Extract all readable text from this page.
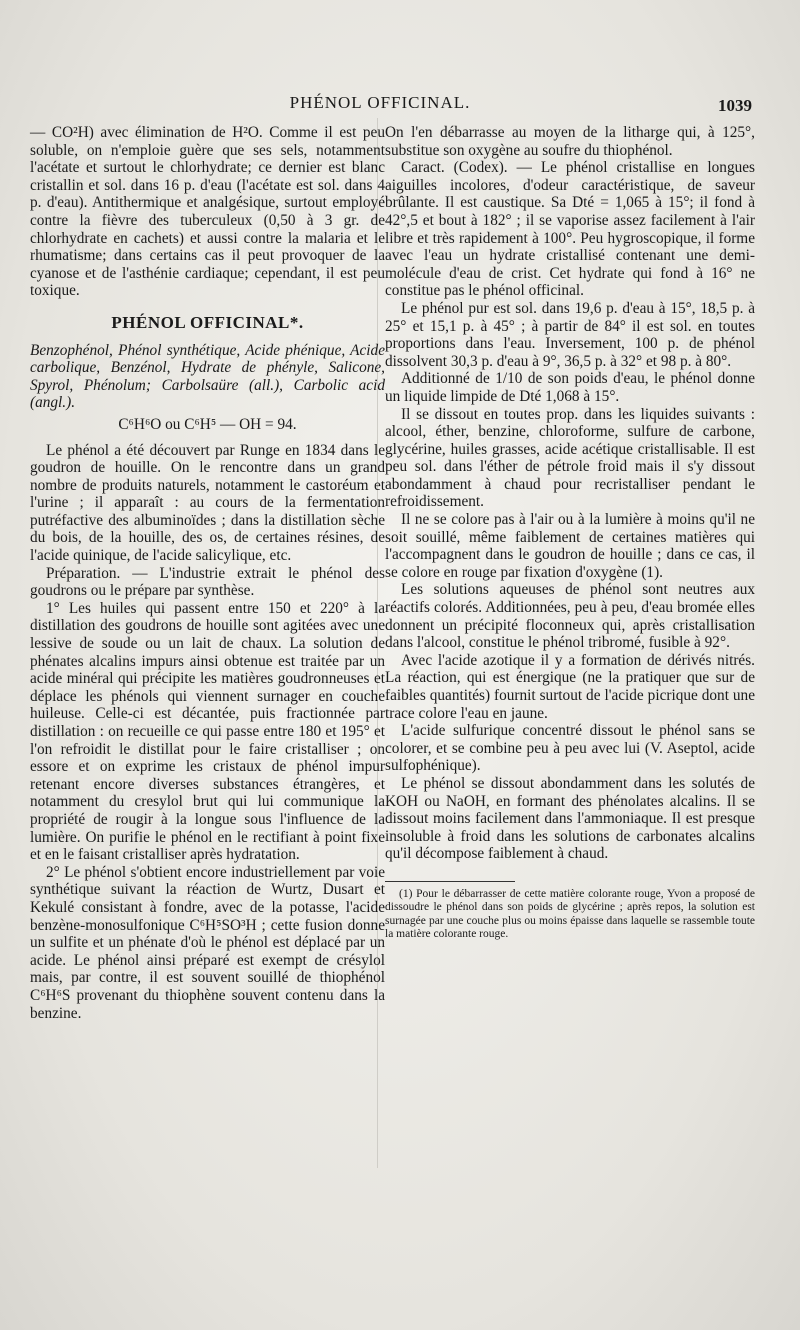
PHÉNOL OFFICINAL.	1039

— CO²H) avec élimination de H²O. Comme il est peu soluble, on n'emploie guère que ses sels, notamment l'acétate et surtout le chlorhydrate; ce dernier est blanc cristallin et sol. dans 16 p. d'eau (l'acétate est sol. dans 4 p. d'eau). Antithermique et analgésique, surtout employé contre la fièvre des tuberculeux (0,50 à 3 gr. de chlorhydrate en cachets) et aussi contre la malaria et le rhumatisme; dans certains cas il peut provoquer de la cyanose et de l'asthénie cardiaque; cependant, il est peu toxique.

PHÉNOL OFFICINAL*.

Benzophénol, Phénol synthétique, Acide phénique, Acide carbolique, Benzénol, Hydrate de phényle, Salicone, Spyrol, Phénolum; Carbolsaüre (all.), Carbolic acid (angl.).

C⁶H⁶O ou C⁶H⁵ — OH = 94.

Le phénol a été découvert par Runge en 1834 dans le goudron de houille. On le rencontre dans un grand nombre de produits naturels, notamment le castoréum et l'urine ; il apparaît : au cours de la fermentation putréfactive des albuminoïdes ; dans la distillation sèche du bois, de la houille, des os, de certaines résines, de l'acide quinique, de l'acide salicylique, etc.

Préparation. — L'industrie extrait le phénol des goudrons ou le prépare par synthèse.

1° Les huiles qui passent entre 150 et 220° à la distillation des goudrons de houille sont agitées avec une lessive de soude ou un lait de chaux. La solution de phénates alcalins impurs ainsi obtenue est traitée par un acide minéral qui précipite les matières goudronneuses et déplace les phénols qui viennent surnager en couche huileuse. Celle-ci est décantée, puis fractionnée par distillation : on recueille ce qui passe entre 180 et 195° et l'on refroidit le distillat pour le faire cristalliser ; on essore et on exprime les cristaux de phénol impur retenant encore diverses substances étrangères, et notamment du cresylol brut qui lui communique la propriété de rougir à la longue sous l'influence de la lumière. On purifie le phénol en le rectifiant à point fixe et en le faisant cristalliser après hydratation.

2° Le phénol s'obtient encore industriellement par voie synthétique suivant la réaction de Wurtz, Dusart et Kekulé consistant à fondre, avec de la potasse, l'acide benzène-monosulfonique C⁶H⁵SO³H ; cette fusion donne un sulfite et un phénate d'où le phénol est déplacé par un acide. Le phénol ainsi préparé est exempt de crésylol mais, par contre, il est souvent souillé de thiophénol C⁶H⁶S provenant du thiophène souvent contenu dans la benzine.

On l'en débarrasse au moyen de la litharge qui, à 125°, substitue son oxygène au soufre du thiophénol.

Caract. (Codex). — Le phénol cristallise en longues aiguilles incolores, d'odeur caractéristique, de saveur brûlante. Il est caustique. Sa Dté = 1,065 à 15°; il fond à 42°,5 et bout à 182° ; il se vaporise assez facilement à l'air libre et très rapidement à 100°. Peu hygroscopique, il forme avec l'eau un hydrate cristallisé contenant une demi-molécule d'eau de crist. Cet hydrate qui fond à 16° ne constitue pas le phénol officinal.

Le phénol pur est sol. dans 19,6 p. d'eau à 15°, 18,5 p. à 25° et 15,1 p. à 45° ; à partir de 84° il est sol. en toutes proportions dans l'eau. Inversement, 100 p. de phénol dissolvent 30,3 p. d'eau à 9°, 36,5 p. à 32° et 98 p. à 80°.

Additionné de 1/10 de son poids d'eau, le phénol donne un liquide limpide de Dté 1,068 à 15°.

Il se dissout en toutes prop. dans les liquides suivants : alcool, éther, benzine, chloroforme, sulfure de carbone, glycérine, huiles grasses, acide acétique cristallisable. Il est peu sol. dans l'éther de pétrole froid mais il s'y dissout abondamment à chaud pour recristalliser pendant le refroidissement.

Il ne se colore pas à l'air ou à la lumière à moins qu'il ne soit souillé, même faiblement de certaines matières qui l'accompagnent dans le goudron de houille ; dans ce cas, il se colore en rouge par fixation d'oxygène (1).

Les solutions aqueuses de phénol sont neutres aux réactifs colorés. Additionnées, peu à peu, d'eau bromée elles donnent un précipité floconneux qui, après cristallisation dans l'alcool, constitue le phénol tribromé, fusible à 92°.

Avec l'acide azotique il y a formation de dérivés nitrés. La réaction, qui est énergique (ne la pratiquer que sur de faibles quantités) fournit surtout de l'acide picrique dont une trace colore l'eau en jaune.

L'acide sulfurique concentré dissout le phénol sans se colorer, et se combine peu à peu avec lui (V. Aseptol, acide sulfophénique).

Le phénol se dissout abondamment dans les solutés de KOH ou NaOH, en formant des phénolates alcalins. Il se dissout moins facilement dans l'ammoniaque. Il est presque insoluble à froid dans les solutions de carbonates alcalins qu'il décompose faiblement à chaud.

(1) Pour le débarrasser de cette matière colorante rouge, Yvon a proposé de dissoudre le phénol dans son poids de glycérine ; après repos, la solution est surnagée par une couche plus ou moins épaisse dans laquelle se rassemble toute la matière colorante rouge.
